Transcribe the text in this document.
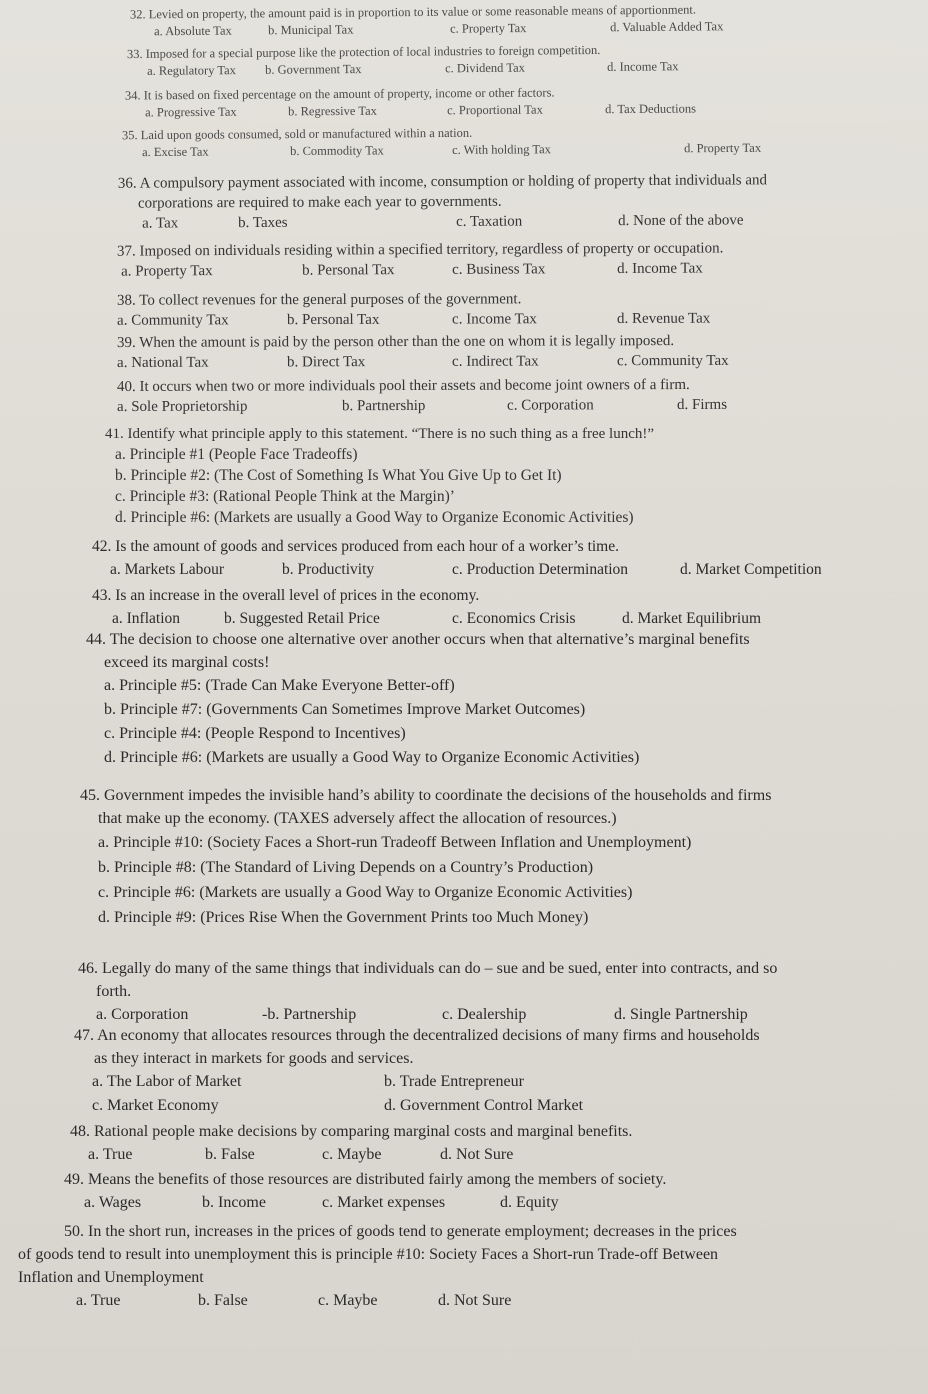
32. Levied on property, the amount paid is in proportion to its value or some reasonable means of apportionment.
a. Absolute Tax	b. Municipal Tax	c. Property Tax	d. Valuable Added Tax
33. Imposed for a special purpose like the protection of local industries to foreign competition.
a. Regulatory Tax b. Government Tax	c. Dividend Tax	d. Income Tax
34. It is based on fixed percentage on the amount of property, income or other factors.
a. Progressive Tax	b. Regressive Tax	c. Proportional Tax	d. Tax Deductions
35. Laid upon goods consumed, sold or manufactured within a nation.
a. Excise Tax	b. Commodity Tax	c. With holding Tax	d. Property Tax
36. A compulsory payment associated with income, consumption or holding of property that individuals and
corporations are required to make each year to governments.
a. Tax	b. Taxes	c. Taxation	d. None of the above
37. Imposed on individuals residing within a specified territory, regardless of property or occupation.
a. Property Tax	b. Personal Tax	c. Business Tax	d. Income Tax
38. To collect revenues for the general purposes of the government.
a. Community Tax	b. Personal Tax	c. Income Tax	d. Revenue Tax
39. When the amount is paid by the person other than the one on whom it is legally imposed.
a. National Tax	b. Direct Tax	c. Indirect Tax	c. Community Tax
40. It occurs when two or more individuals pool their assets and become joint owners of a firm.
a. Sole Proprietorship	b. Partnership	c. Corporation	d. Firms
41. Identify what principle apply to this statement. “There is no such thing as a free lunch!”
a. Principle #1 (People Face Tradeoffs)
b. Principle #2: (The Cost of Something Is What You Give Up to Get It)
c. Principle #3: (Rational People Think at the Margin)’
d. Principle #6: (Markets are usually a Good Way to Organize Economic Activities)
42. Is the amount of goods and services produced from each hour of a worker’s time.
a. Markets Labour	b. Productivity	c. Production Determination	d. Market Competition
43. Is an increase in the overall level of prices in the economy.
a. Inflation	b. Suggested Retail Price	c. Economics Crisis	d. Market Equilibrium
44. The decision to choose one alternative over another occurs when that alternative’s marginal benefits
exceed its marginal costs!
a. Principle #5: (Trade Can Make Everyone Better-off)
b. Principle #7: (Governments Can Sometimes Improve Market Outcomes)
c. Principle #4: (People Respond to Incentives)
d. Principle #6: (Markets are usually a Good Way to Organize Economic Activities)
45. Government impedes the invisible hand’s ability to coordinate the decisions of the households and firms
that make up the economy. (TAXES adversely affect the allocation of resources.)
a. Principle #10: (Society Faces a Short-run Tradeoff Between Inflation and Unemployment)
b. Principle #8: (The Standard of Living Depends on a Country’s Production)
c. Principle #6: (Markets are usually a Good Way to Organize Economic Activities)
d. Principle #9: (Prices Rise When the Government Prints too Much Money)
46. Legally do many of the same things that individuals can do – sue and be sued, enter into contracts, and so
forth.
a. Corporation	-b. Partnership	c. Dealership	d. Single Partnership
47. An economy that allocates resources through the decentralized decisions of many firms and households
as they interact in markets for goods and services.
a. The Labor of Market	b. Trade Entrepreneur
c. Market Economy	d. Government Control Market
48. Rational people make decisions by comparing marginal costs and marginal benefits.
a. True	b. False	c. Maybe	d. Not Sure
49. Means the benefits of those resources are distributed fairly among the members of society.
a. Wages	b. Income	c. Market expenses	d. Equity
50. In the short run, increases in the prices of goods tend to generate employment; decreases in the prices
of goods tend to result into unemployment this is principle #10: Society Faces a Short-run Trade-off Between
Inflation and Unemployment
a. True	b. False	c. Maybe	d. Not Sure
